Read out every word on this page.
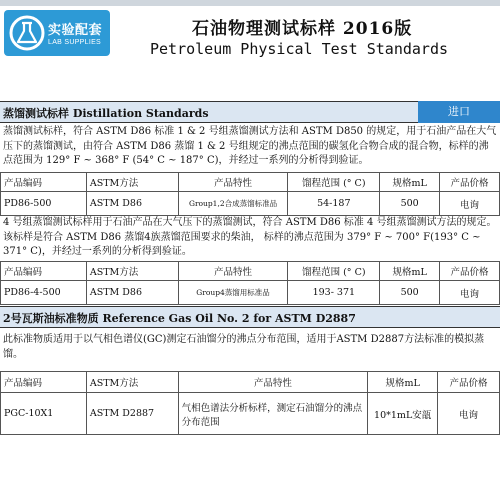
实验配套
LAB SUPPLIES
石油物理测试标样 2016版
Petroleum Physical Test Standards
蒸馏测试标样 Distillation Standards	进口
蒸馏测试标样，符合 ASTM D86 标准 1 & 2 号组蒸馏测试方法和 ASTM D850 的规定，用于石油产品在大气压下的蒸馏测试，由符合 ASTM D86 蒸馏 1 & 2 号组规定的沸点范围的碳氢化合物合成的混合物，标样的沸点范围为 129° F ~ 368° F (54° C ~ 187° C)，并经过一系列的分析得到验证。
产品编码	ASTM方法	产品特性	馏程范围 (° C)	规格mL	产品价格
PD86-500	ASTM D86	Group1,2合成蒸馏标准品	54-187	500	电询
4 号组蒸馏测试标样用于石油产品在大气压下的蒸馏测试，符合 ASTM D86 标准 4 号组蒸馏测试方法的规定。 该标样是符合 ASTM D86 蒸馏4族蒸馏范围要求的柴油， 标样的沸点范围为 379° F ~ 700° F(193° C ~ 371° C)，并经过一系列的分析得到验证。
产品编码	ASTM方法	产品特性	馏程范围 (° C)	规格mL	产品价格
PD86-4-500	ASTM D86	Group4蒸馏用标准品	193- 371	500	电询
2号瓦斯油标准物质 Reference Gas Oil No. 2 for ASTM D2887
此标准物质适用于以气相色谱仪(GC)测定石油馏分的沸点分布范围，适用于ASTM D2887方法标准的模拟蒸馏。
产品编码	ASTM方法	产品特性	规格mL	产品价格
PGC-10X1	ASTM D2887	气相色谱法分析标样，测定石油馏分的沸点分布范围	10*1mL安瓿	电询
